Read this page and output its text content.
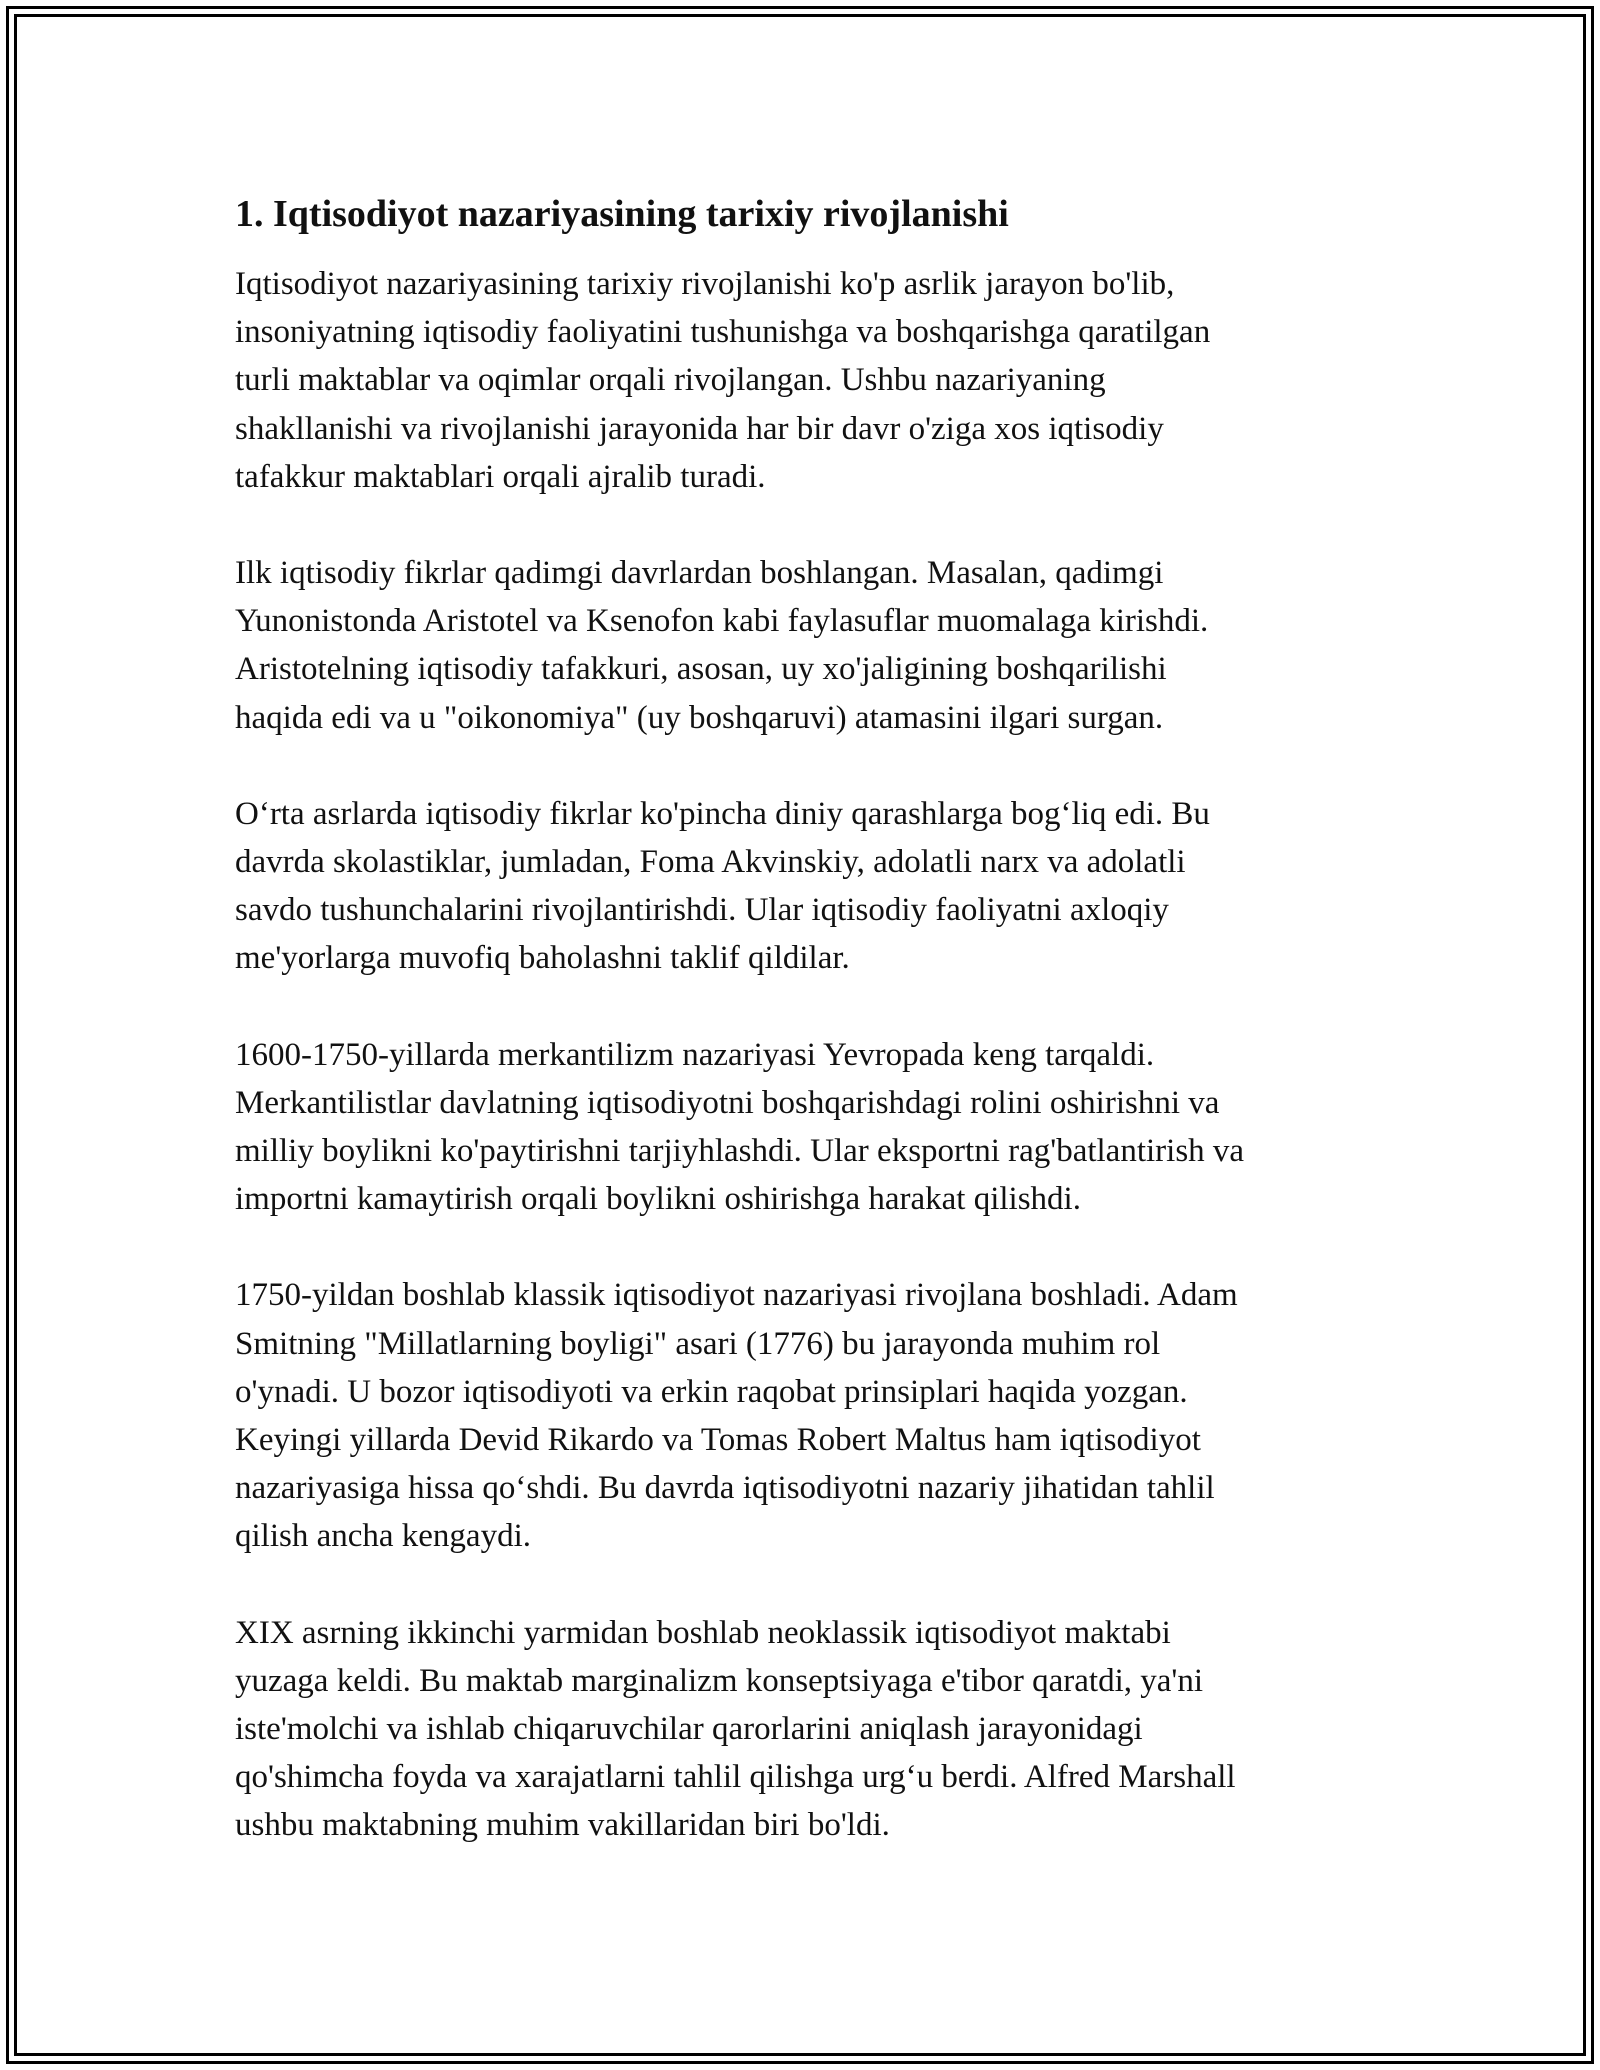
1. Iqtisodiyot nazariyasining tarixiy rivojlanishi

Iqtisodiyot nazariyasining tarixiy rivojlanishi ko'p asrlik jarayon bo'lib,
insoniyatning iqtisodiy faoliyatini tushunishga va boshqarishga qaratilgan
turli maktablar va oqimlar orqali rivojlangan. Ushbu nazariyaning
shakllanishi va rivojlanishi jarayonida har bir davr o'ziga xos iqtisodiy
tafakkur maktablari orqali ajralib turadi.

Ilk iqtisodiy fikrlar qadimgi davrlardan boshlangan. Masalan, qadimgi
Yunonistonda Aristotel va Ksenofon kabi faylasuflar muomalaga kirishdi.
Aristotelning iqtisodiy tafakkuri, asosan, uy xo'jaligining boshqarilishi
haqida edi va u "oikonomiya" (uy boshqaruvi) atamasini ilgari surgan.

O‘rta asrlarda iqtisodiy fikrlar ko'pincha diniy qarashlarga bog‘liq edi. Bu
davrda skolastiklar, jumladan, Foma Akvinskiy, adolatli narx va adolatli
savdo tushunchalarini rivojlantirishdi. Ular iqtisodiy faoliyatni axloqiy
me'yorlarga muvofiq baholashni taklif qildilar.

1600-1750-yillarda merkantilizm nazariyasi Yevropada keng tarqaldi.
Merkantilistlar davlatning iqtisodiyotni boshqarishdagi rolini oshirishni va
milliy boylikni ko'paytirishni tarjiyhlashdi. Ular eksportni rag'batlantirish va
importni kamaytirish orqali boylikni oshirishga harakat qilishdi.

1750-yildan boshlab klassik iqtisodiyot nazariyasi rivojlana boshladi. Adam
Smitning "Millatlarning boyligi" asari (1776) bu jarayonda muhim rol
o'ynadi. U bozor iqtisodiyoti va erkin raqobat prinsiplari haqida yozgan.
Keyingi yillarda Devid Rikardo va Tomas Robert Maltus ham iqtisodiyot
nazariyasiga hissa qo‘shdi. Bu davrda iqtisodiyotni nazariy jihatidan tahlil
qilish ancha kengaydi.

XIX asrning ikkinchi yarmidan boshlab neoklassik iqtisodiyot maktabi
yuzaga keldi. Bu maktab marginalizm konseptsiyaga e'tibor qaratdi, ya'ni
iste'molchi va ishlab chiqaruvchilar qarorlarini aniqlash jarayonidagi
qo'shimcha foyda va xarajatlarni tahlil qilishga urg‘u berdi. Alfred Marshall
ushbu maktabning muhim vakillaridan biri bo'ldi.
